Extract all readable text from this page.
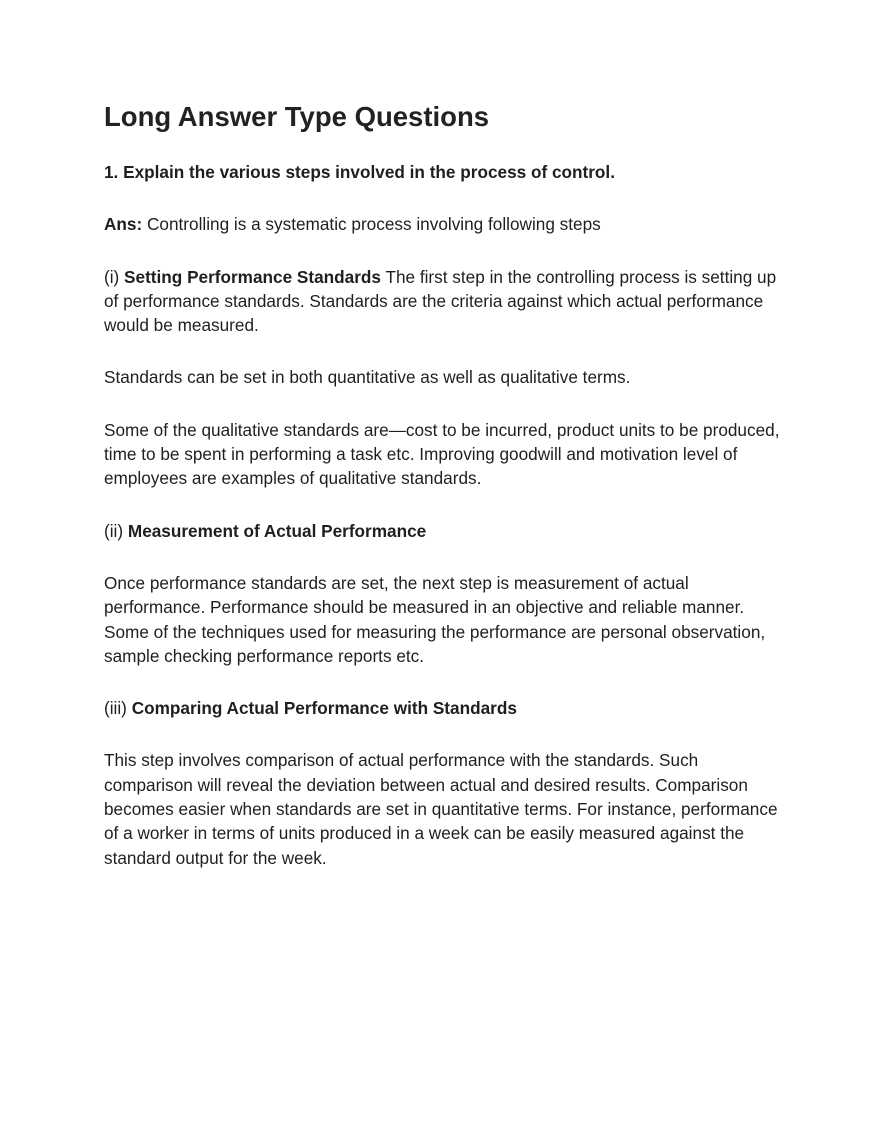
Long Answer Type Questions

1. Explain the various steps involved in the process of control.

Ans: Controlling is a systematic process involving following steps

(i) Setting Performance Standards The first step in the controlling process is setting up of performance standards. Standards are the criteria against which actual performance would be measured.

Standards can be set in both quantitative as well as qualitative terms.

Some of the qualitative standards are—cost to be incurred, product units to be produced, time to be spent in performing a task etc. Improving goodwill and motivation level of employees are examples of qualitative standards.

(ii) Measurement of Actual Performance

Once performance standards are set, the next step is measurement of actual performance. Performance should be measured in an objective and reliable manner. Some of the techniques used for measuring the performance are personal observation, sample checking performance reports etc.

(iii) Comparing Actual Performance with Standards

This step involves comparison of actual performance with the standards. Such comparison will reveal the deviation between actual and desired results. Comparison becomes easier when standards are set in quantitative terms. For instance, performance of a worker in terms of units produced in a week can be easily measured against the standard output for the week.
